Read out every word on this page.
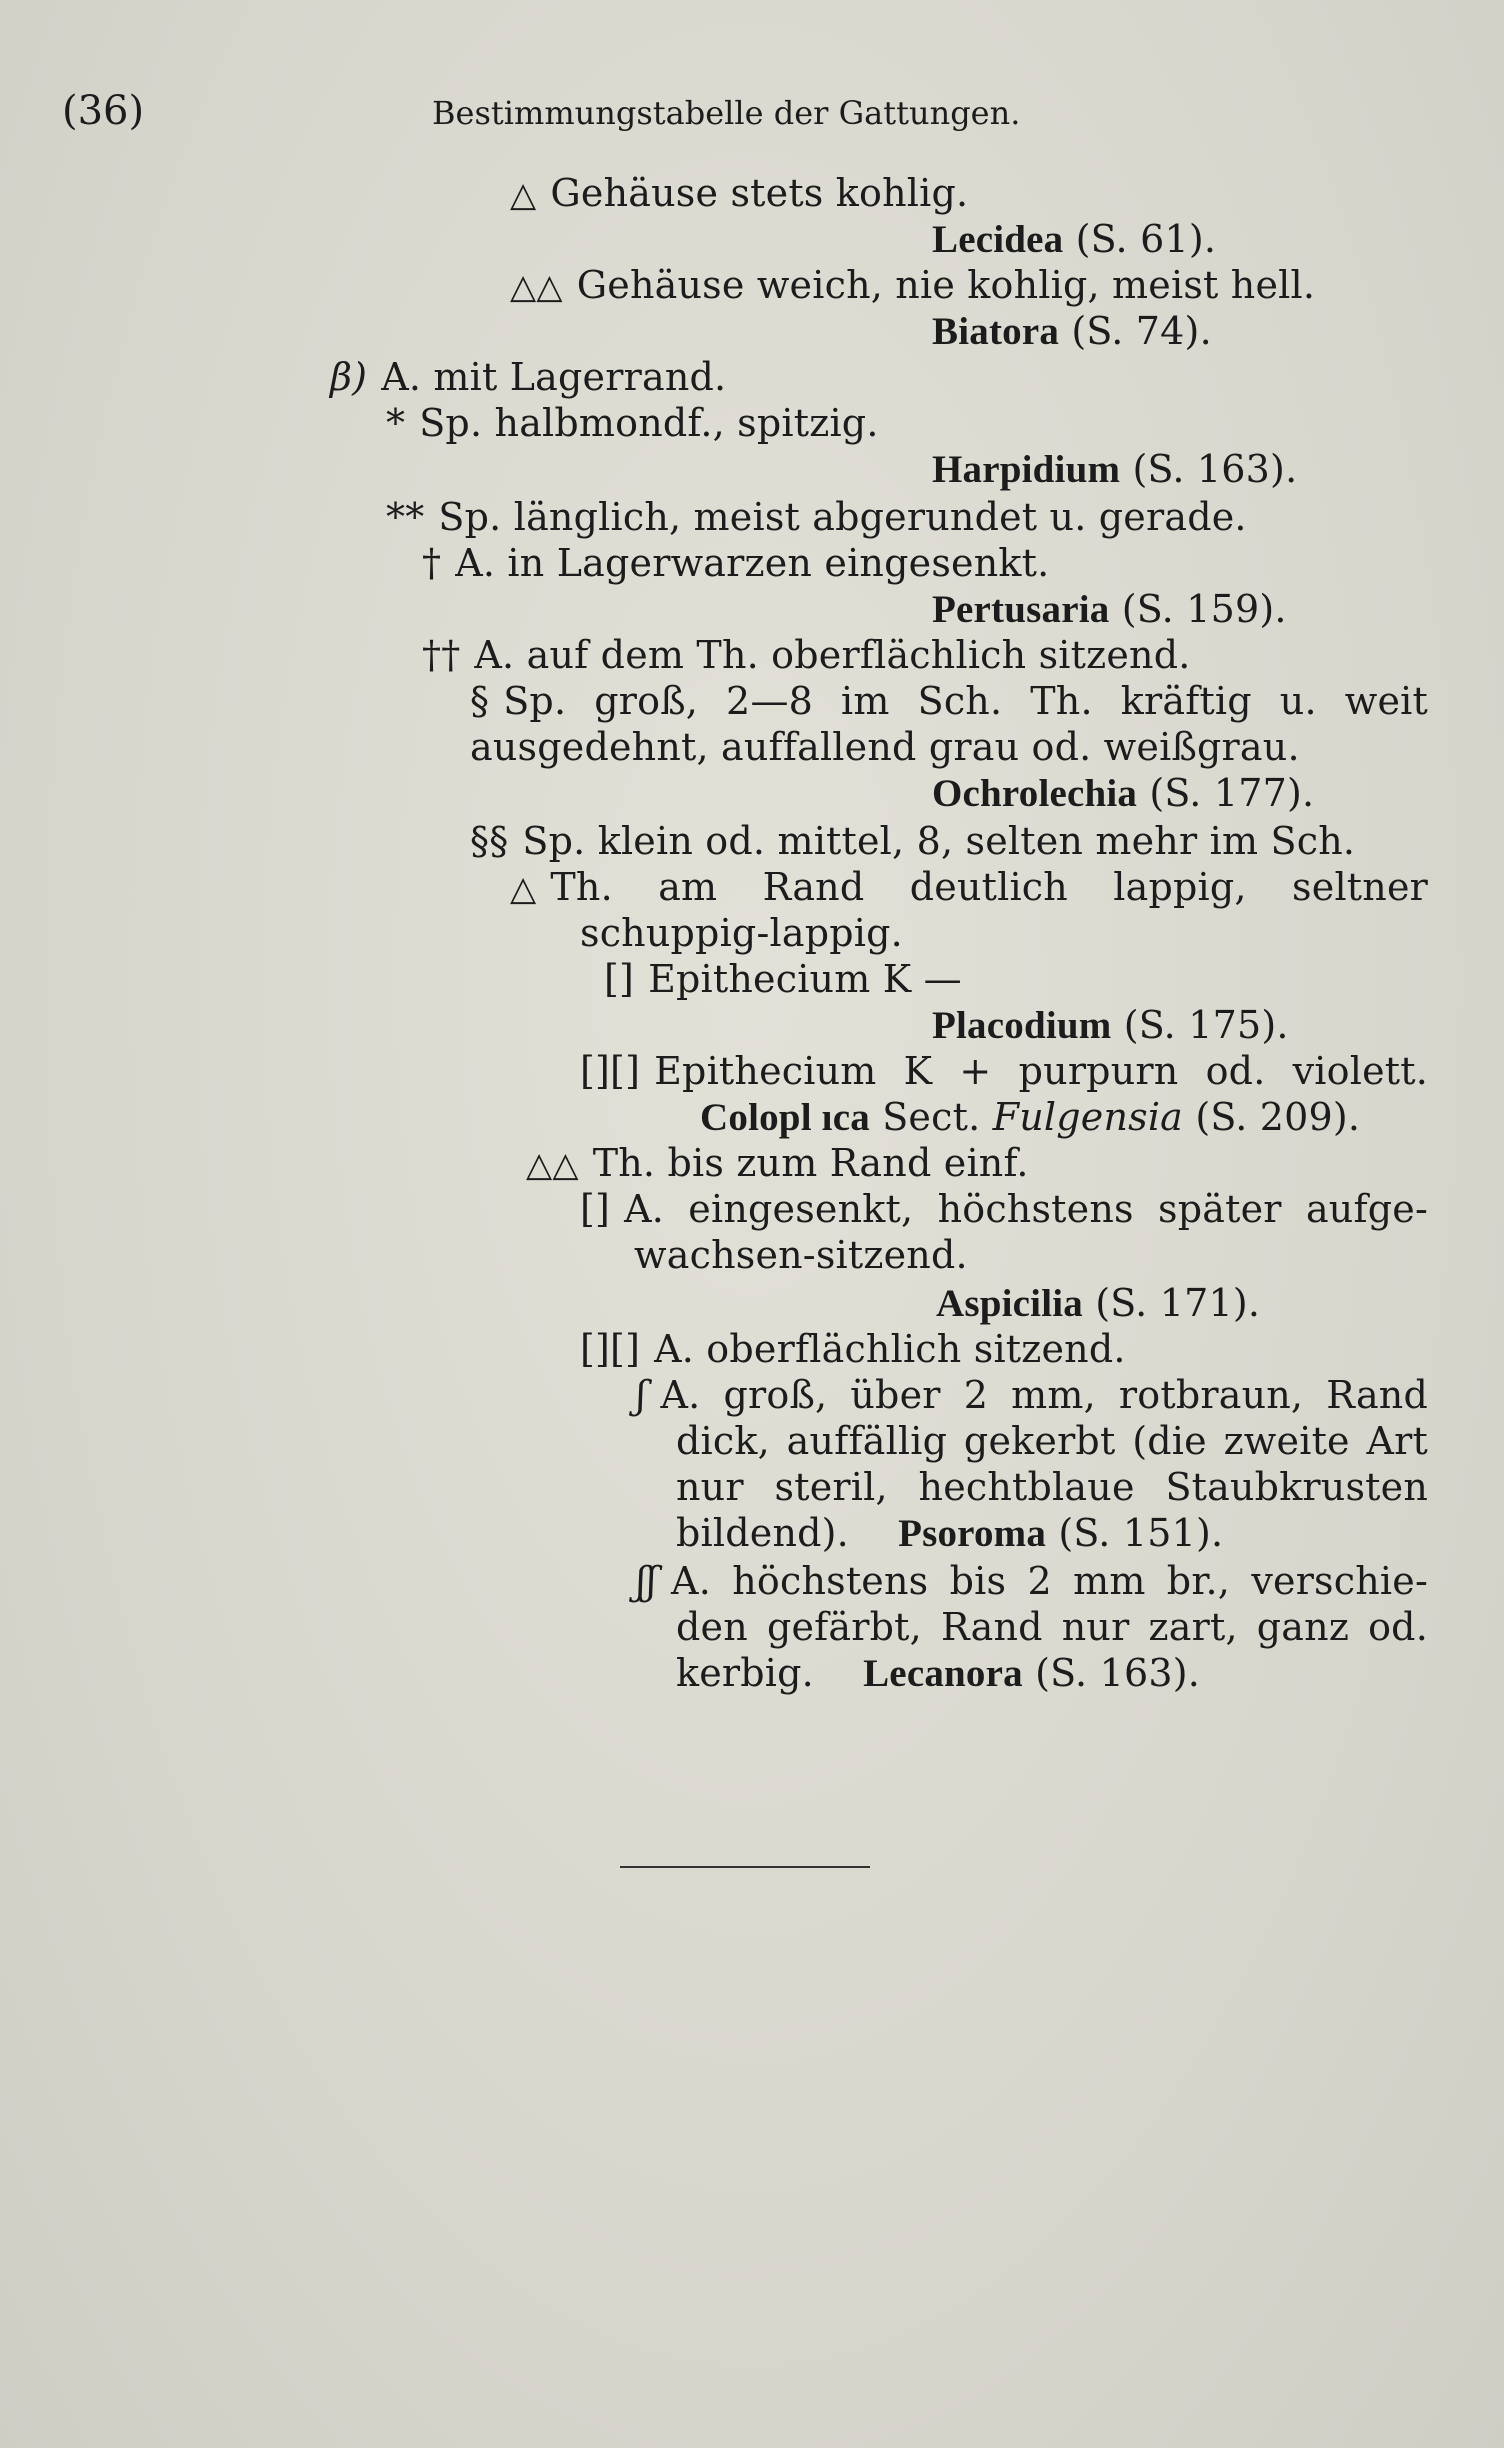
(36)	Bestimmungstabelle der Gattungen.
△ Gehäuse stets kohlig.
Lecidea (S. 61).
△△ Gehäuse weich, nie kohlig, meist hell.
Biatora (S. 74).
β) A. mit Lagerrand.
* Sp. halbmondf., spitzig.
Harpidium (S. 163).
** Sp. länglich, meist abgerundet u. gerade.
† A. in Lagerwarzen eingesenkt.
Pertusaria (S. 159).
†† A. auf dem Th. oberflächlich sitzend.
§ Sp. groß, 2—8 im Sch. Th. kräftig u. weit
ausgedehnt, auffallend grau od. weißgrau.
Ochrolechia (S. 177).
§§ Sp. klein od. mittel, 8, selten mehr im Sch.
△ Th. am Rand deutlich lappig, seltner
schuppig-lappig.
[] Epithecium K —
Placodium (S. 175).
[][] Epithecium K + purpurn od. violett.
Colopl ıca Sect. Fulgensia (S. 209).
△△ Th. bis zum Rand einf.
[] A. eingesenkt, höchstens später aufge-
wachsen-sitzend.
Aspicilia (S. 171).
[][] A. oberflächlich sitzend.
ʃ A. groß, über 2 mm, rotbraun, Rand
dick, auffällig gekerbt (die zweite Art
nur steril, hechtblaue Staubkrusten
bildend). Psoroma (S. 151).
ʃʃ A. höchstens bis 2 mm br., verschie-
den gefärbt, Rand nur zart, ganz od.
kerbig. Lecanora (S. 163).
